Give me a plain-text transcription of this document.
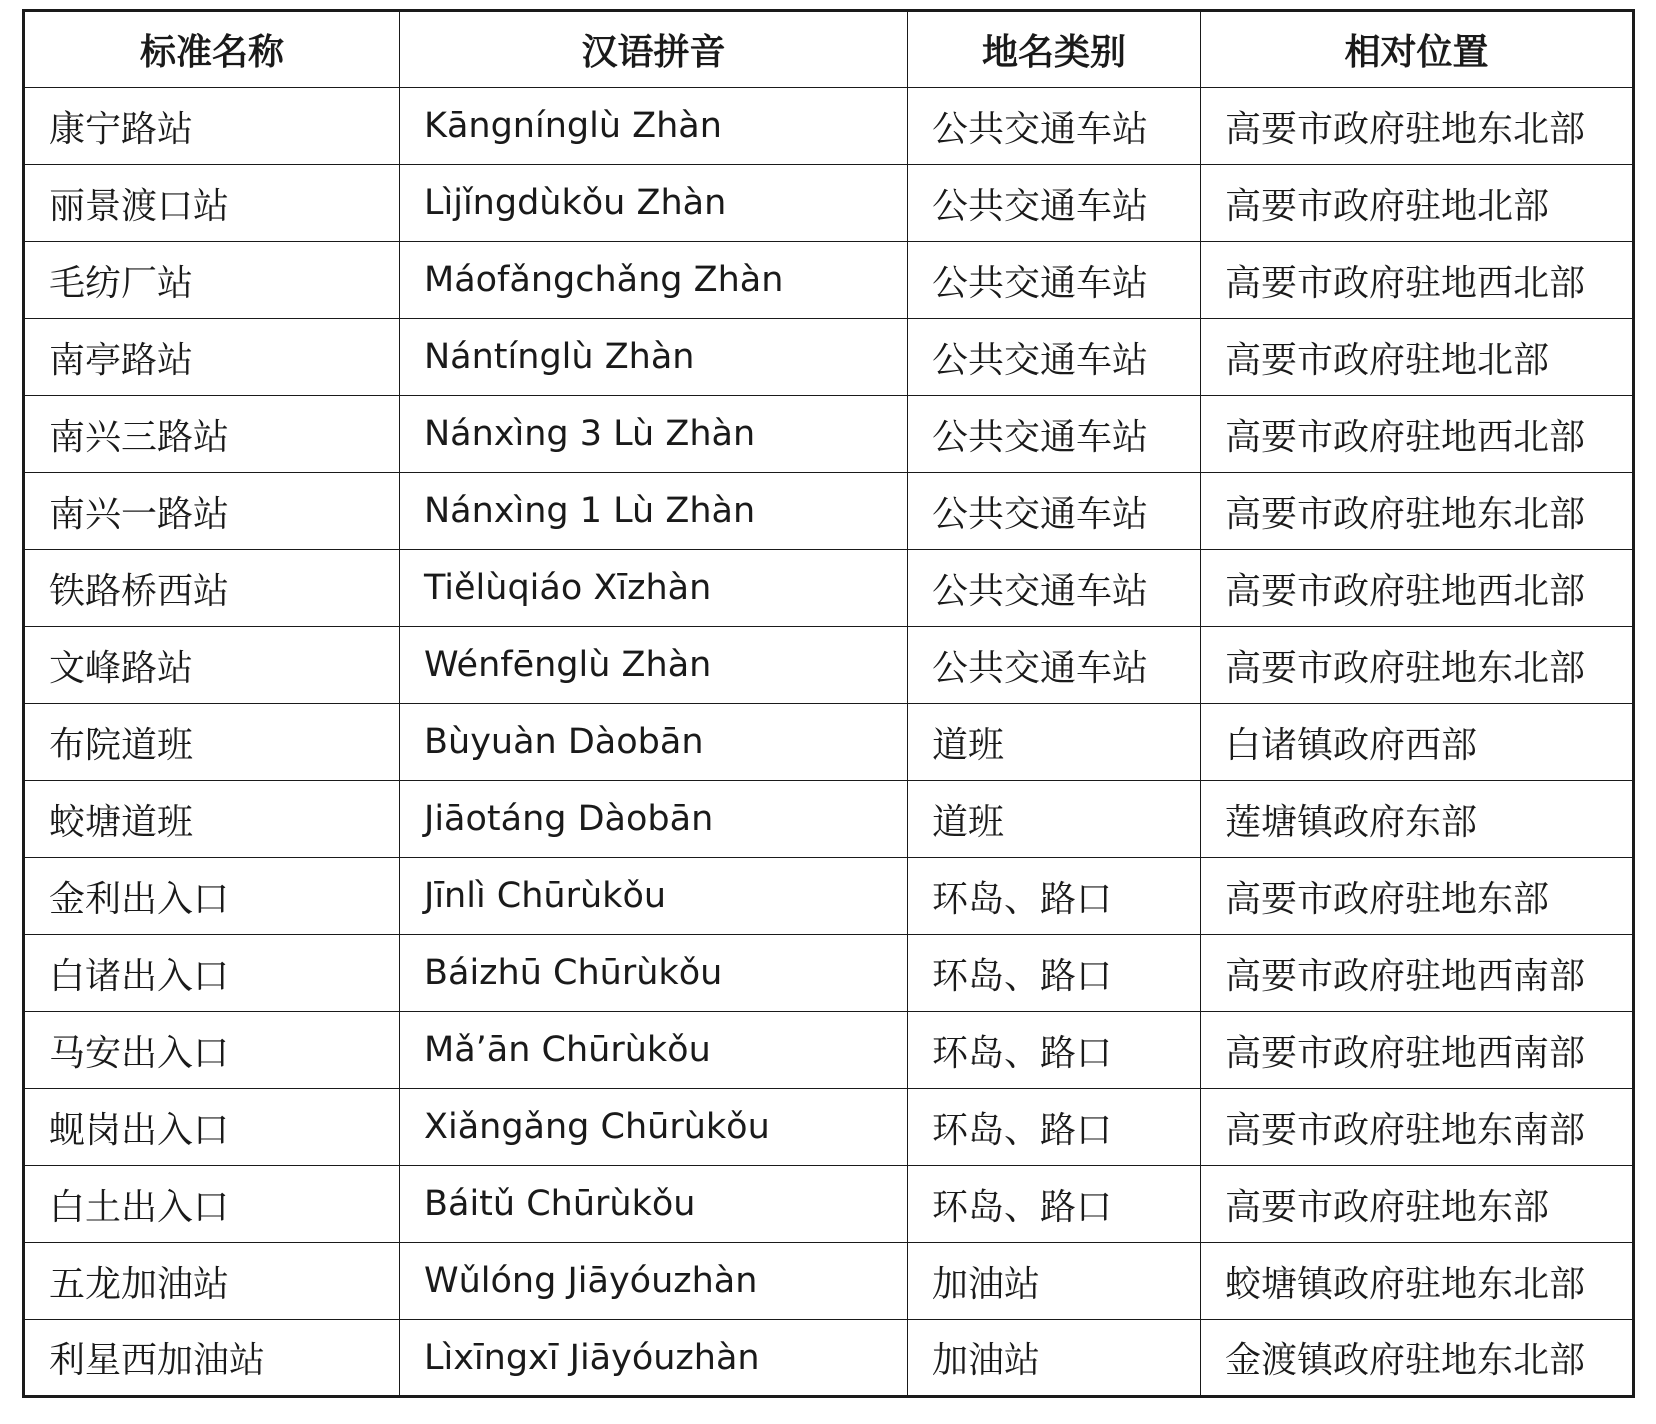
标准名称	汉语拼音	地名类别	相对位置
康宁路站	Kāngnínglù Zhàn	公共交通车站	高要市政府驻地东北部
丽景渡口站	Lìjǐngdùkǒu Zhàn	公共交通车站	高要市政府驻地北部
毛纺厂站	Máofǎngchǎng Zhàn	公共交通车站	高要市政府驻地西北部
南亭路站	Nántínglù Zhàn	公共交通车站	高要市政府驻地北部
南兴三路站	Nánxìng 3 Lù Zhàn	公共交通车站	高要市政府驻地西北部
南兴一路站	Nánxìng 1 Lù Zhàn	公共交通车站	高要市政府驻地东北部
铁路桥西站	Tiělùqiáo Xīzhàn	公共交通车站	高要市政府驻地西北部
文峰路站	Wénfēnglù Zhàn	公共交通车站	高要市政府驻地东北部
布院道班	Bùyuàn Dàobān	道班	白诸镇政府西部
蛟塘道班	Jiāotáng Dàobān	道班	莲塘镇政府东部
金利出入口	Jīnlì Chūrùkǒu	环岛、路口	高要市政府驻地东部
白诸出入口	Báizhū Chūrùkǒu	环岛、路口	高要市政府驻地西南部
马安出入口	Mǎ’ān Chūrùkǒu	环岛、路口	高要市政府驻地西南部
蚬岗出入口	Xiǎngǎng Chūrùkǒu	环岛、路口	高要市政府驻地东南部
白土出入口	Báitǔ Chūrùkǒu	环岛、路口	高要市政府驻地东部
五龙加油站	Wǔlóng Jiāyóuzhàn	加油站	蛟塘镇政府驻地东北部
利星西加油站	Lìxīngxī Jiāyóuzhàn	加油站	金渡镇政府驻地东北部
